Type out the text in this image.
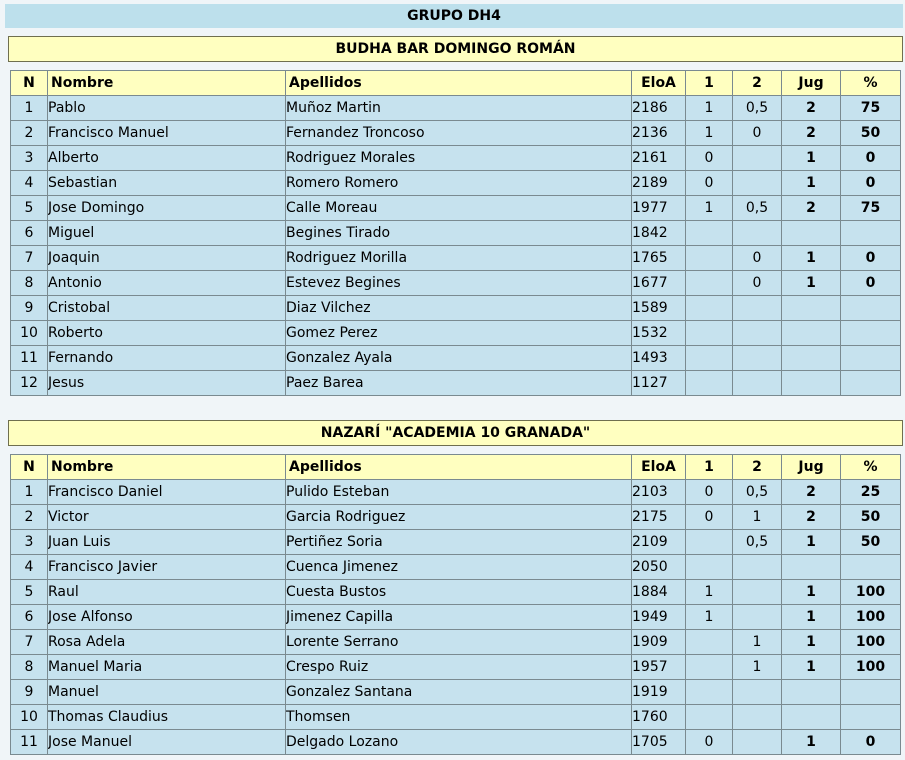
GRUPO DH4
BUDHA BAR DOMINGO ROMÁN
N	Nombre	Apellidos	EloA	1	2	Jug	%
1	Pablo	Muñoz Martin	2186	1	0,5	2	75
2	Francisco Manuel	Fernandez Troncoso	2136	1	0	2	50
3	Alberto	Rodriguez Morales	2161	0		1	0
4	Sebastian	Romero Romero	2189	0		1	0
5	Jose Domingo	Calle Moreau	1977	1	0,5	2	75
6	Miguel	Begines Tirado	1842				
7	Joaquin	Rodriguez Morilla	1765		0	1	0
8	Antonio	Estevez Begines	1677		0	1	0
9	Cristobal	Diaz Vilchez	1589				
10	Roberto	Gomez Perez	1532				
11	Fernando	Gonzalez Ayala	1493				
12	Jesus	Paez Barea	1127				
NAZARÍ "ACADEMIA 10 GRANADA"
N	Nombre	Apellidos	EloA	1	2	Jug	%
1	Francisco Daniel	Pulido Esteban	2103	0	0,5	2	25
2	Victor	Garcia Rodriguez	2175	0	1	2	50
3	Juan Luis	Pertiñez Soria	2109		0,5	1	50
4	Francisco Javier	Cuenca Jimenez	2050				
5	Raul	Cuesta Bustos	1884	1		1	100
6	Jose Alfonso	Jimenez Capilla	1949	1		1	100
7	Rosa Adela	Lorente Serrano	1909		1	1	100
8	Manuel Maria	Crespo Ruiz	1957		1	1	100
9	Manuel	Gonzalez Santana	1919				
10	Thomas Claudius	Thomsen	1760				
11	Jose Manuel	Delgado Lozano	1705	0		1	0
